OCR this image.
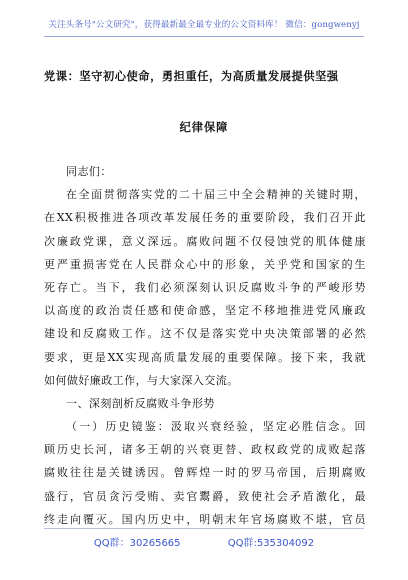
关注头条号"公文研究"，获得最新最全最专业的公文资料库！ 微信：gongwenyj
党课：坚守初心使命，勇担重任，为高质量发展提供坚强
纪律保障
同志们：
在全面贯彻落实党的二十届三中全会精神的关键时期，
在XX积极推进各项改革发展任务的重要阶段，我们召开此
次廉政党课，意义深远。腐败问题不仅侵蚀党的肌体健康
更严重损害党在人民群众心中的形象，关乎党和国家的生
死存亡。当下，我们必须深刻认识反腐败斗争的严峻形势
以高度的政治责任感和使命感，坚定不移地推进党风廉政
建设和反腐败工作。这不仅是落实党中央决策部署的必然
要求，更是XX实现高质量发展的重要保障。接下来，我就
如何做好廉政工作，与大家深入交流。
一、深刻剖析反腐败斗争形势
（一）历史镜鉴：汲取兴衰经验，坚定必胜信念。回
顾历史长河，诸多王朝的兴衰更替、政权政党的成败起落
腐败往往是关键诱因。曾辉煌一时的罗马帝国，后期腐败
盛行，官员贪污受贿、卖官鬻爵，致使社会矛盾激化，最
终走向覆灭。国内历史中，明朝末年官场腐败不堪，官员
QQ群：30265665	QQ群:535304092
